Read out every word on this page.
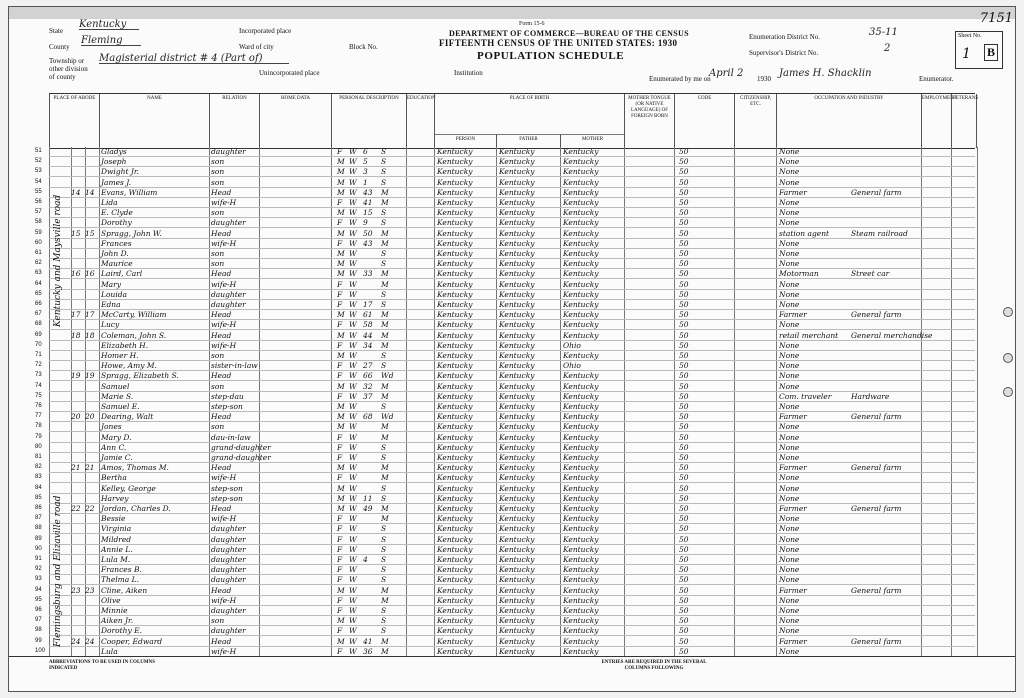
Form 15-6
DEPARTMENT OF COMMERCE—BUREAU OF THE CENSUS
FIFTEENTH CENSUS OF THE UNITED STATES: 1930
POPULATION SCHEDULE
State
Kentucky
County
Fleming
Township or other division of county
Magisterial district # 4 (Part of)
Incorporated place
Ward of city	Block No.
Unincorporated place	Institution
Enumeration District No.	35-11
Supervisor's District No.	2
Enumerated by me on
April 2 1930 James H. Shacklin	Enumerator.
Sheet No.
1 B
7151
PLACE OF ABODE	NAME	RELATION	HOME DATA	PERSONAL DESCRIPTION	EDUCATION	PLACE OF BIRTH
PERSON	FATHER	MOTHER
MOTHER TONGUE (OR NATIVE LANGUAGE) OF FOREIGN BORN
CODE	CITIZENSHIP, ETC.
OCCUPATION AND INDUSTRY	EMPLOYMENT
VETERANS
51	Gladys	daughter	F W 6	S	Kentucky	Kentucky	Kentucky	50	None
52	Joseph	son	M W 5	S	Kentucky	Kentucky	Kentucky	50	None
53	Dwight Jr.	son	M W 3	S	Kentucky	Kentucky	Kentucky	50	None
54	James J.	son	M W 1	S	Kentucky	Kentucky	Kentucky	50	None
55	14 14 Evans, William	Head	M W 43	M	Kentucky	Kentucky	Kentucky	50	Farmer	General farm
56	Lida	wife-H	F W 41	M	Kentucky	Kentucky	Kentucky	50	None
57	E. Clyde	son	M W 15	S	Kentucky	Kentucky	Kentucky	50	None
58	Dorothy	daughter	F W 9	S	Kentucky	Kentucky	Kentucky	50	None
59	15 15 Spragg, John W.	Head	M W 50	M	Kentucky	Kentucky	Kentucky	50	station agent	Steam railroad
60	Frances	wife-H	F W 43	M	Kentucky	Kentucky	Kentucky	50	None
61	John D.	son	M W	S	Kentucky	Kentucky	Kentucky	50	None
62	Maurice	son	M W	S	Kentucky	Kentucky	Kentucky	50	None
63	16 16 Laird, Carl	Head	M W 33	M	Kentucky	Kentucky	Kentucky	50	Motorman	Street car
64	Mary	wife-H	F W	M	Kentucky	Kentucky	Kentucky	50	None
65	Louida	daughter	F W	S	Kentucky	Kentucky	Kentucky	50	None
66	Edna	daughter	F W 17	S	Kentucky	Kentucky	Kentucky	50	None
67	17 17 McCarty, William	Head	M W 61	M	Kentucky	Kentucky	Kentucky	50	Farmer	General farm
68	Lucy	wife-H	F W 58	M	Kentucky	Kentucky	Kentucky	50	None
69	18 18 Coleman, John S.	Head	M W 44	M	Kentucky	Kentucky	Kentucky	50	retail merchant	General merchandise
70	Elizabeth H.	wife-H	F W 34	M	Kentucky	Kentucky	Ohio	50	None
71	Homer H.	son	M W	S	Kentucky	Kentucky	Kentucky	50	None
72	Howe, Amy M.	sister-in-law	F W 27	S	Kentucky	Kentucky	Ohio	50	None
73	19 19 Spragg, Elizabeth S.	Head	F W 66	Wd	Kentucky	Kentucky	Kentucky	50	None
74	Samuel	son	M W 32	M	Kentucky	Kentucky	Kentucky	50	None
75	Marie S.	step-dau	F W 37	M	Kentucky	Kentucky	Kentucky	50	Com. traveler	Hardware
76	Samuel E.	step-son	M W	S	Kentucky	Kentucky	Kentucky	50	None
77	20 20 Dearing, Walt	Head	M W 68	Wd	Kentucky	Kentucky	Kentucky	50	Farmer	General farm
78	Jones	son	M W	M	Kentucky	Kentucky	Kentucky	50	None
79	Mary D.	dau-in-law	F W	M	Kentucky	Kentucky	Kentucky	50	None
80	Ann C.	grand-daughter	F W	S	Kentucky	Kentucky	Kentucky	50	None
81	Jamie C.	grand-daughter	F W	S	Kentucky	Kentucky	Kentucky	50	None
82	21 21 Amos, Thomas M.	Head	M W	M	Kentucky	Kentucky	Kentucky	50	Farmer	General farm
83	Bertha	wife-H	F W	M	Kentucky	Kentucky	Kentucky	50	None
84	Kelley, George	step-son	M W	S	Kentucky	Kentucky	Kentucky	50	None
85	Harvey	step-son	M W 11	S	Kentucky	Kentucky	Kentucky	50	None
86	22 22 Jordan, Charles D.	Head	M W 49	M	Kentucky	Kentucky	Kentucky	50	Farmer	General farm
87	Bessie	wife-H	F W	M	Kentucky	Kentucky	Kentucky	50	None
88	Virginia	daughter	F W	S	Kentucky	Kentucky	Kentucky	50	None
89	Mildred	daughter	F W	S	Kentucky	Kentucky	Kentucky	50	None
90	Annie L.	daughter	F W	S	Kentucky	Kentucky	Kentucky	50	None
91	Lula M.	daughter	F W 4	S	Kentucky	Kentucky	Kentucky	50	None
92	Frances B.	daughter	F W	S	Kentucky	Kentucky	Kentucky	50	None
93	Thelma L.	daughter	F W	S	Kentucky	Kentucky	Kentucky	50	None
94	23 23 Cline, Aiken	Head	M W	M	Kentucky	Kentucky	Kentucky	50	Farmer	General farm
95	Olive	wife-H	F W	M	Kentucky	Kentucky	Kentucky	50	None
96	Minnie	daughter	F W	S	Kentucky	Kentucky	Kentucky	50	None
97	Aiken Jr.	son	M W	S	Kentucky	Kentucky	Kentucky	50	None
98	Dorothy E.	daughter	F W	S	Kentucky	Kentucky	Kentucky	50	None
99	24 24 Cooper, Edward	Head	M W 41	M	Kentucky	Kentucky	Kentucky	50	Farmer	General farm
100	Lula	wife-H	F W 36	M	Kentucky	Kentucky	Kentucky	50	None
Kentucky and Maysville road
Flemingsburg and Elizaville road
ABBREVIATIONS TO BE USED IN COLUMNS INDICATED
ENTRIES ARE REQUIRED IN THE SEVERAL COLUMNS FOLLOWING
